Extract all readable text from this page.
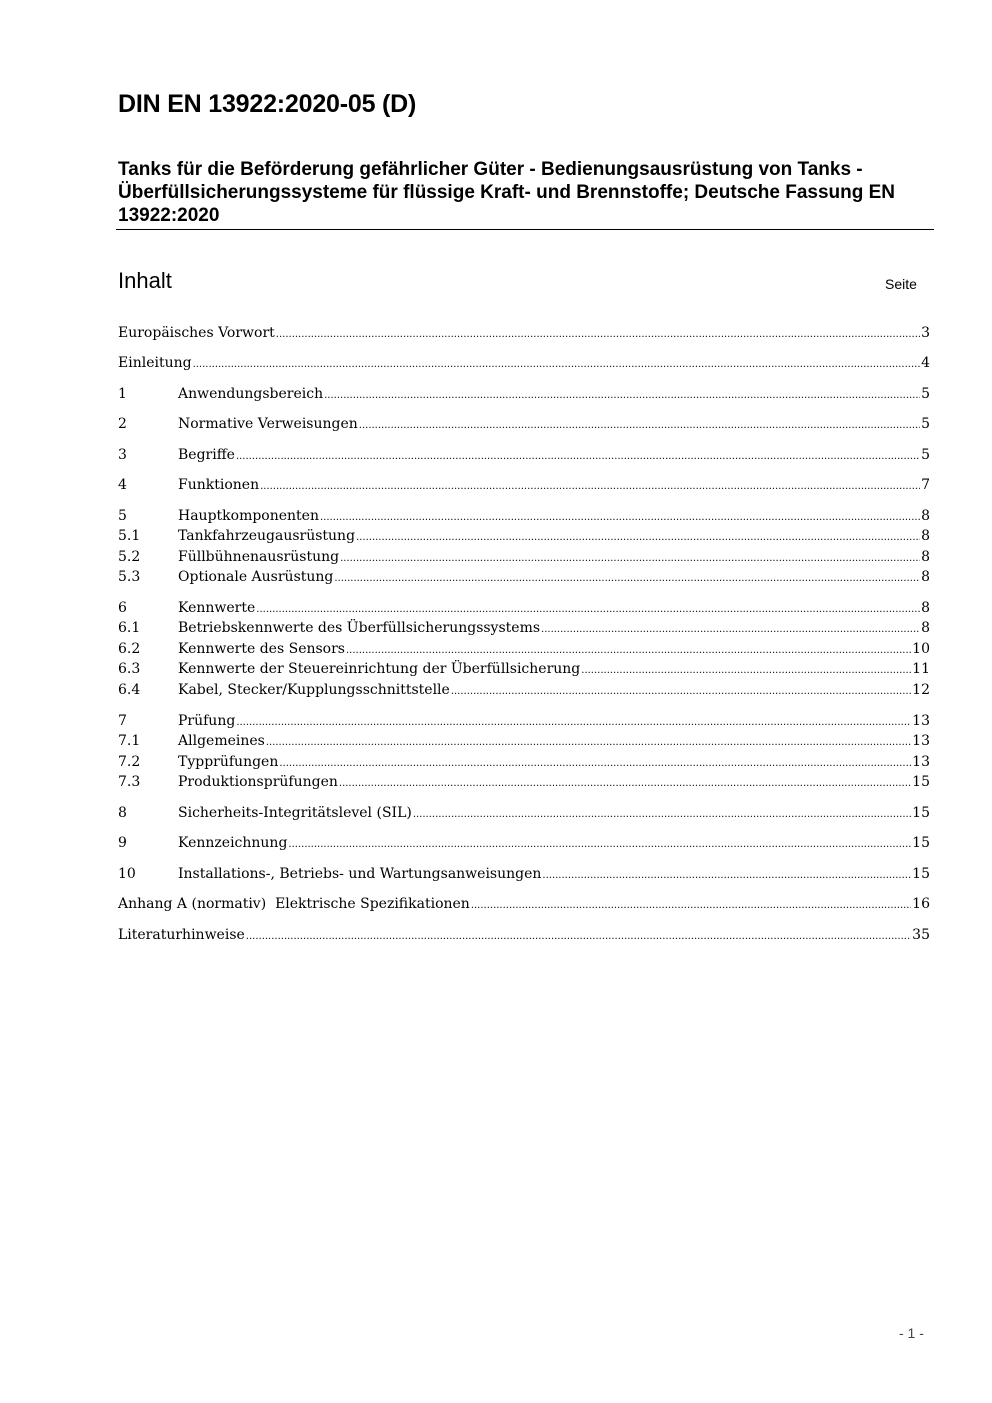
DIN EN 13922:2020-05 (D)
Tanks für die Beförderung gefährlicher Güter - Bedienungsausrüstung von Tanks - Überfüllsicherungssysteme für flüssige Kraft- und Brennstoffe; Deutsche Fassung EN 13922:2020
Inhalt	Seite
Europäisches Vorwort .....	3
Einleitung .....	4
1	Anwendungsbereich .....	5
2	Normative Verweisungen .....	5
3	Begriffe .....	5
4	Funktionen .....	7
5	Hauptkomponenten .....	8
5.1	Tankfahrzeugausrüstung .....	8
5.2	Füllbühnenausrüstung .....	8
5.3	Optionale Ausrüstung .....	8
6	Kennwerte .....	8
6.1	Betriebskennwerte des Überfüllsicherungssystems .....	8
6.2	Kennwerte des Sensors .....	10
6.3	Kennwerte der Steuereinrichtung der Überfüllsicherung .....	11
6.4	Kabel, Stecker/Kupplungsschnittstelle .....	12
7	Prüfung .....	13
7.1	Allgemeines .....	13
7.2	Typprüfungen .....	13
7.3	Produktionsprüfungen .....	15
8	Sicherheits-Integritätslevel (SIL) .....	15
9	Kennzeichnung .....	15
10	Installations-, Betriebs- und Wartungsanweisungen .....	15
Anhang A (normativ)  Elektrische Spezifikationen .....	16
Literaturhinweise .....	35
- 1 -
